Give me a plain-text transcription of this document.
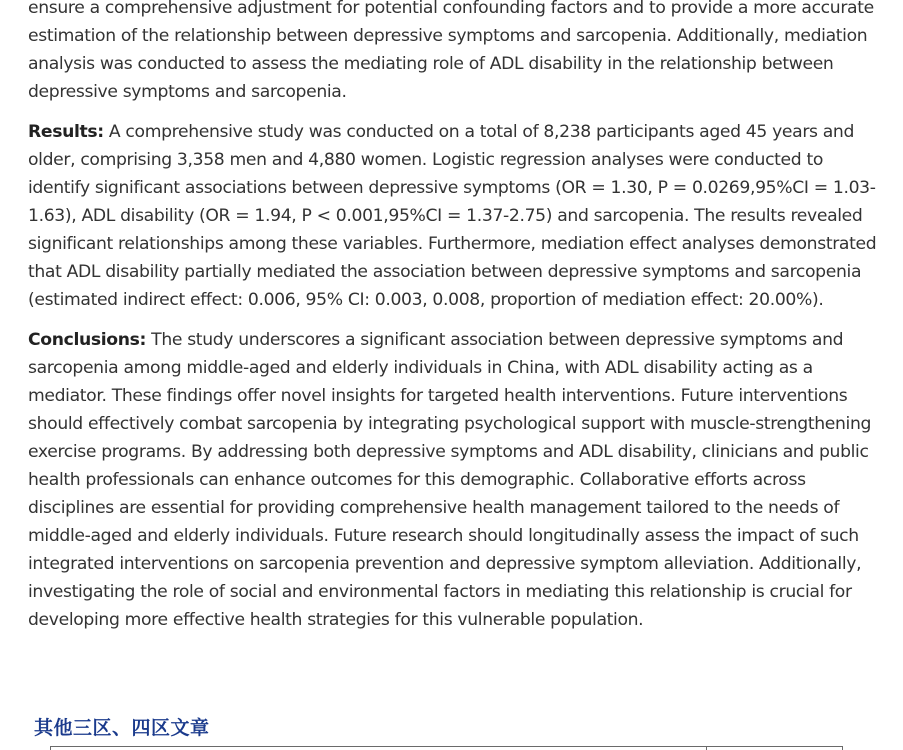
ensure a comprehensive adjustment for potential confounding factors and to provide a more accurate estimation of the relationship between depressive symptoms and sarcopenia. Additionally, mediation analysis was conducted to assess the mediating role of ADL disability in the relationship between depressive symptoms and sarcopenia.

Results: A comprehensive study was conducted on a total of 8,238 participants aged 45 years and older, comprising 3,358 men and 4,880 women. Logistic regression analyses were conducted to identify significant associations between depressive symptoms (OR = 1.30, P = 0.0269,95%CI = 1.03-1.63), ADL disability (OR = 1.94, P < 0.001,95%CI = 1.37-2.75) and sarcopenia. The results revealed significant relationships among these variables. Furthermore, mediation effect analyses demonstrated that ADL disability partially mediated the association between depressive symptoms and sarcopenia (estimated indirect effect: 0.006, 95% CI: 0.003, 0.008, proportion of mediation effect: 20.00%).

Conclusions: The study underscores a significant association between depressive symptoms and sarcopenia among middle-aged and elderly individuals in China, with ADL disability acting as a mediator. These findings offer novel insights for targeted health interventions. Future interventions should effectively combat sarcopenia by integrating psychological support with muscle-strengthening exercise programs. By addressing both depressive symptoms and ADL disability, clinicians and public health professionals can enhance outcomes for this demographic. Collaborative efforts across disciplines are essential for providing comprehensive health management tailored to the needs of middle-aged and elderly individuals. Future research should longitudinally assess the impact of such integrated interventions on sarcopenia prevention and depressive symptom alleviation. Additionally, investigating the role of social and environmental factors in mediating this relationship is crucial for developing more effective health strategies for this vulnerable population.

其他三区、四区文章
